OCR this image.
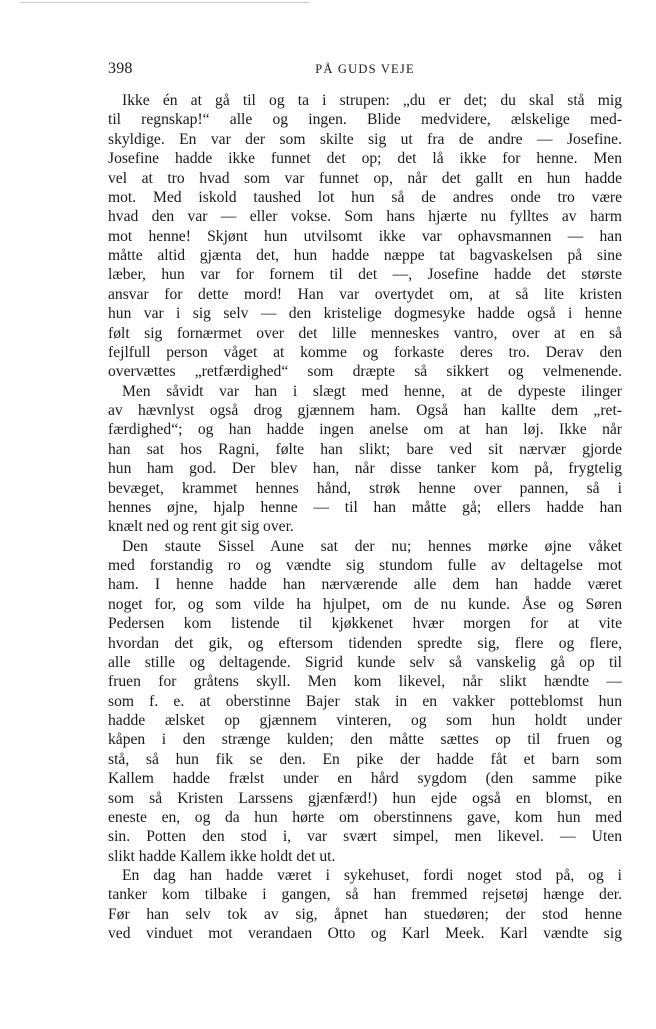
398	PÅ GUDS VEJE
Ikke én at gå til og ta i strupen: „du er det; du skal stå mig
til regnskap!“ alle og ingen. Blide medvidere, ælskelige med-
skyldige. En var der som skilte sig ut fra de andre — Josefine.
Josefine hadde ikke funnet det op; det lå ikke for henne. Men
vel at tro hvad som var funnet op, når det gallt en hun hadde
mot. Med iskold taushed lot hun så de andres onde tro være
hvad den var — eller vokse. Som hans hjærte nu fylltes av harm
mot henne! Skjønt hun utvilsomt ikke var ophavsmannen — han
måtte altid gjænta det, hun hadde næppe tat bagvaskelsen på sine
læber, hun var for fornem til det —, Josefine hadde det største
ansvar for dette mord! Han var overtydet om, at så lite kristen
hun var i sig selv — den kristelige dogmesyke hadde også i henne
følt sig fornærmet over det lille menneskes vantro, over at en så
fejlfull person våget at komme og forkaste deres tro. Derav den
overvættes „retfærdighed“ som dræpte så sikkert og velmenende.
Men såvidt var han i slægt med henne, at de dypeste ilinger
av hævnlyst også drog gjænnem ham. Også han kallte dem „ret-
færdighed“; og han hadde ingen anelse om at han løj. Ikke når
han sat hos Ragni, følte han slikt; bare ved sit nærvær gjorde
hun ham god. Der blev han, når disse tanker kom på, frygtelig
bevæget, krammet hennes hånd, strøk henne over pannen, så i
hennes øjne, hjalp henne — til han måtte gå; ellers hadde han
knælt ned og rent git sig over.
Den staute Sissel Aune sat der nu; hennes mørke øjne våket
med forstandig ro og vændte sig stundom fulle av deltagelse mot
ham. I henne hadde han nærværende alle dem han hadde været
noget for, og som vilde ha hjulpet, om de nu kunde. Åse og Søren
Pedersen kom listende til kjøkkenet hvær morgen for at vite
hvordan det gik, og eftersom tidenden spredte sig, flere og flere,
alle stille og deltagende. Sigrid kunde selv så vanskelig gå op til
fruen for gråtens skyll. Men kom likevel, når slikt hændte —
som f. e. at oberstinne Bajer stak in en vakker potteblomst hun
hadde ælsket op gjænnem vinteren, og som hun holdt under
kåpen i den strænge kulden; den måtte sættes op til fruen og
stå, så hun fik se den. En pike der hadde fåt et barn som
Kallem hadde frælst under en hård sygdom (den samme pike
som så Kristen Larssens gjænfærd!) hun ejde også en blomst, en
eneste en, og da hun hørte om oberstinnens gave, kom hun med
sin. Potten den stod i, var svært simpel, men likevel. — Uten
slikt hadde Kallem ikke holdt det ut.
En dag han hadde været i sykehuset, fordi noget stod på, og i
tanker kom tilbake i gangen, så han fremmed rejsetøj hænge der.
Før han selv tok av sig, åpnet han stuedøren; der stod henne
ved vinduet mot verandaen Otto og Karl Meek. Karl vændte sig
